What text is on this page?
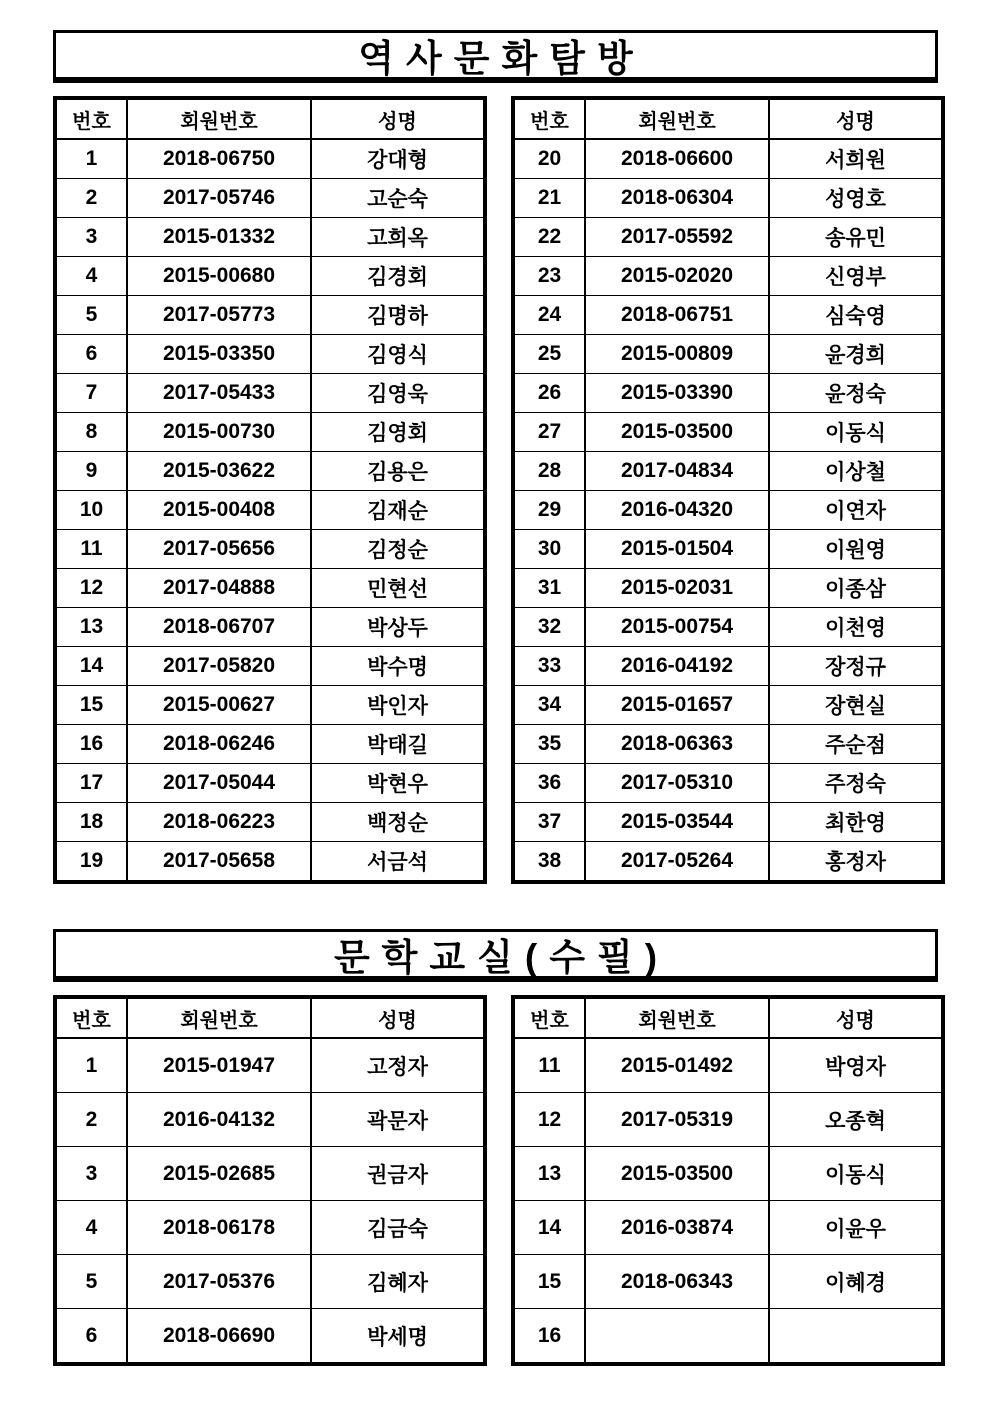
역사문화탐방
번호	회원번호	성명
1	2018-06750	강대형
2	2017-05746	고순숙
3	2015-01332	고희옥
4	2015-00680	김경회
5	2017-05773	김명하
6	2015-03350	김영식
7	2017-05433	김영욱
8	2015-00730	김영회
9	2015-03622	김용은
10	2015-00408	김재순
11	2017-05656	김정순
12	2017-04888	민현선
13	2018-06707	박상두
14	2017-05820	박수명
15	2015-00627	박인자
16	2018-06246	박태길
17	2017-05044	박현우
18	2018-06223	백정순
19	2017-05658	서금석
번호	회원번호	성명
20	2018-06600	서희원
21	2018-06304	성영호
22	2017-05592	송유민
23	2015-02020	신영부
24	2018-06751	심숙영
25	2015-00809	윤경희
26	2015-03390	윤정숙
27	2015-03500	이동식
28	2017-04834	이상철
29	2016-04320	이연자
30	2015-01504	이원영
31	2015-02031	이종삼
32	2015-00754	이천영
33	2016-04192	장정규
34	2015-01657	장현실
35	2018-06363	주순점
36	2017-05310	주정숙
37	2015-03544	최한영
38	2017-05264	홍정자
문학교실(수필)
번호	회원번호	성명
1	2015-01947	고정자
2	2016-04132	곽문자
3	2015-02685	권금자
4	2018-06178	김금숙
5	2017-05376	김혜자
6	2018-06690	박세명
번호	회원번호	성명
11	2015-01492	박영자
12	2017-05319	오종혁
13	2015-03500	이동식
14	2016-03874	이윤우
15	2018-06343	이혜경
16		
